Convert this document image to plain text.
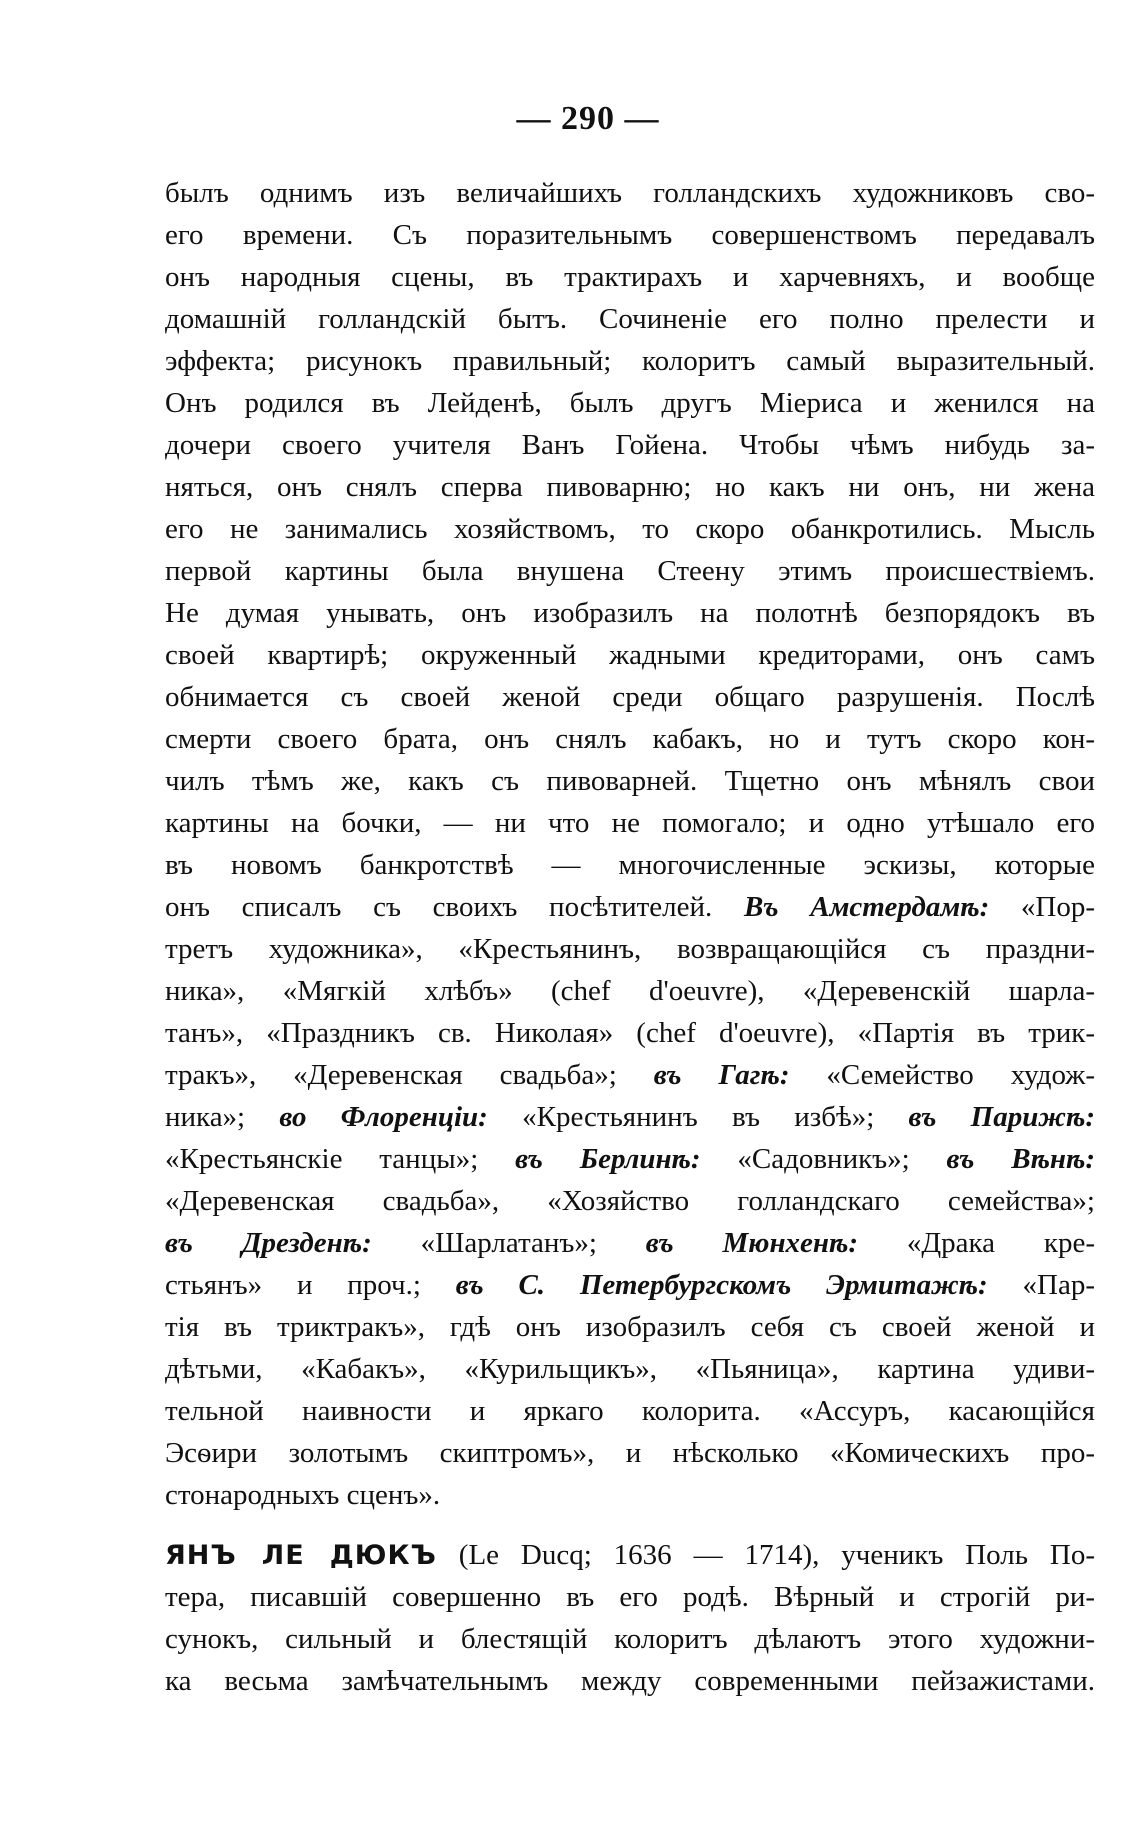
— 290 —
былъ однимъ изъ величайшихъ голландскихъ художниковъ сво-
его времени. Съ поразительнымъ совершенствомъ передавалъ
онъ народныя сцены, въ трактирахъ и харчевняхъ, и вообще
домашній голландскій бытъ. Сочиненіе его полно прелести и
эффекта; рисунокъ правильный; колоритъ самый выразительный.
Онъ родился въ Лейденѣ, былъ другъ Міериса и женился на
дочери своего учителя Ванъ Гойена. Чтобы чѣмъ нибудь за-
няться, онъ снялъ сперва пивоварню; но какъ ни онъ, ни жена
его не занимались хозяйствомъ, то скоро обанкротились. Мысль
первой картины была внушена Стеену этимъ происшествіемъ.
Не думая унывать, онъ изобразилъ на полотнѣ безпорядокъ въ
своей квартирѣ; окруженный жадными кредиторами, онъ самъ
обнимается съ своей женой среди общаго разрушенія. Послѣ
смерти своего брата, онъ снялъ кабакъ, но и тутъ скоро кон-
чилъ тѣмъ же, какъ съ пивоварней. Тщетно онъ мѣнялъ свои
картины на бочки, — ни что не помогало; и одно утѣшало его
въ новомъ банкротствѣ — многочисленные эскизы, которые
онъ списалъ съ своихъ посѣтителей. Въ Амстердамѣ: «Пор-
третъ художника», «Крестьянинъ, возвращающійся съ праздни-
ника», «Мягкій хлѣбъ» (chef d'oeuvre), «Деревенскій шарла-
танъ», «Праздникъ св. Николая» (chef d'oeuvre), «Партія въ трик-
тракъ», «Деревенская свадьба»; въ Гагѣ: «Семейство худож-
ника»; во Флоренціи: «Крестьянинъ въ избѣ»; въ Парижѣ:
«Крестьянскіе танцы»; въ Берлинѣ: «Садовникъ»; въ Вѣнѣ:
«Деревенская свадьба», «Хозяйство голландскаго семейства»;
въ Дрезденѣ: «Шарлатанъ»; въ Мюнхенѣ: «Драка кре-
стьянъ» и проч.; въ С. Петербургскомъ Эрмитажѣ: «Пар-
тія въ триктракъ», гдѣ онъ изобразилъ себя съ своей женой и
дѣтьми, «Кабакъ», «Курильщикъ», «Пьяница», картина удиви-
тельной наивности и яркаго колорита. «Ассуръ, касающійся
Эсѳири золотымъ скиптромъ», и нѣсколько «Комическихъ про-
стонародныхъ сценъ».
ЯНЪ ЛЕ ДЮКЪ (Le Ducq; 1636 — 1714), ученикъ Поль По-
тера, писавшій совершенно въ его родѣ. Вѣрный и строгій ри-
сунокъ, сильный и блестящій колоритъ дѣлаютъ этого художни-
ка весьма замѣчательнымъ между современными пейзажистами.
